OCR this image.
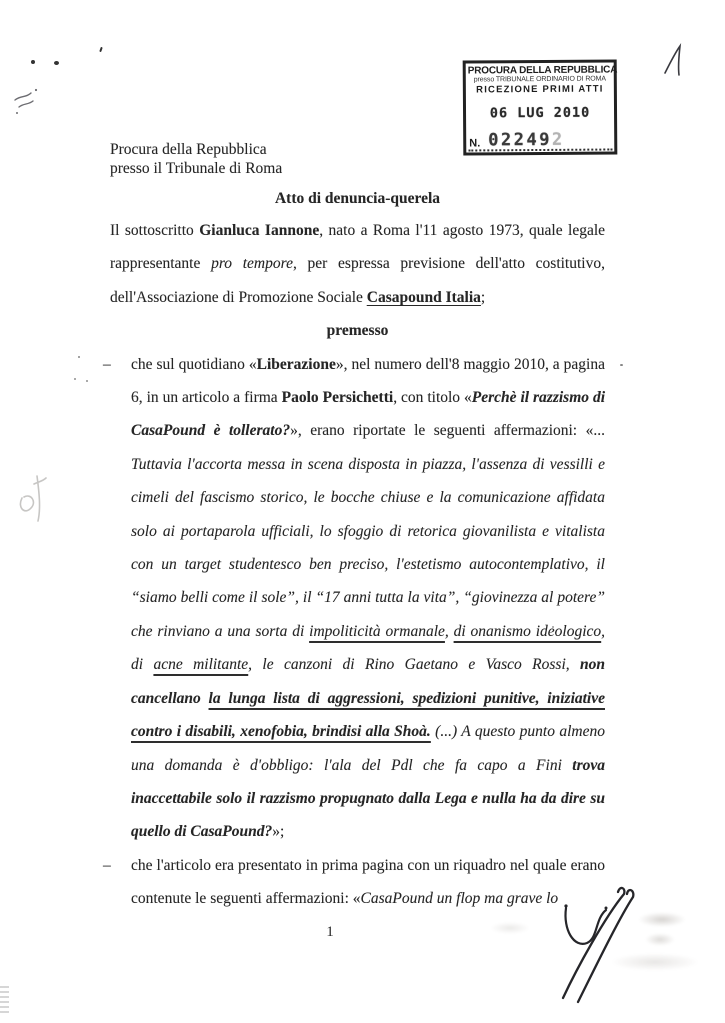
PROCURA DELLA REPUBBLICA
presso TRIBUNALE ORDINARIO DI ROMA
RICEZIONE PRIMI ATTI
06 LUG 2010
N. 022492
Procura della Repubblica
presso il Tribunale di Roma
Atto di denuncia-querela

Il sottoscritto Gianluca Iannone, nato a Roma l'11 agosto 1973, quale legale rappresentante pro tempore, per espressa previsione dell'atto costitutivo, dell'Associazione di Promozione Sociale Casapound Italia;

premesso
– che sul quotidiano «Liberazione», nel numero dell'8 maggio 2010, a pagina 6, in un articolo a firma Paolo Persichetti, con titolo «Perchè il razzismo di CasaPound è tollerato?», erano riportate le seguenti affermazioni: «... Tuttavia l'accorta messa in scena disposta in piazza, l'assenza di vessilli e cimeli del fascismo storico, le bocche chiuse e la comunicazione affidata solo ai portaparola ufficiali, lo sfoggio di retorica giovanilista e vitalista con un target studentesco ben preciso, l'estetismo autocontemplativo, il “siamo belli come il sole”, il “17 anni tutta la vita”, “giovinezza al potere” che rinviano a una sorta di impoliticità ormanale, di onanismo ideologico, di acne militante, le canzoni di Rino Gaetano e Vasco Rossi, non cancellano la lunga lista di aggressioni, spedizioni punitive, iniziative contro i disabili, xenofobia, brindisi alla Shoà. (...) A questo punto almeno una domanda è d'obbligo: l'ala del Pdl che fa capo a Fini trova inaccettabile solo il razzismo propugnato dalla Lega e nulla ha da dire su quello di CasaPound?»;

– che l'articolo era presentato in prima pagina con un riquadro nel quale erano contenute le seguenti affermazioni: «CasaPound un flop ma grave lo

1
